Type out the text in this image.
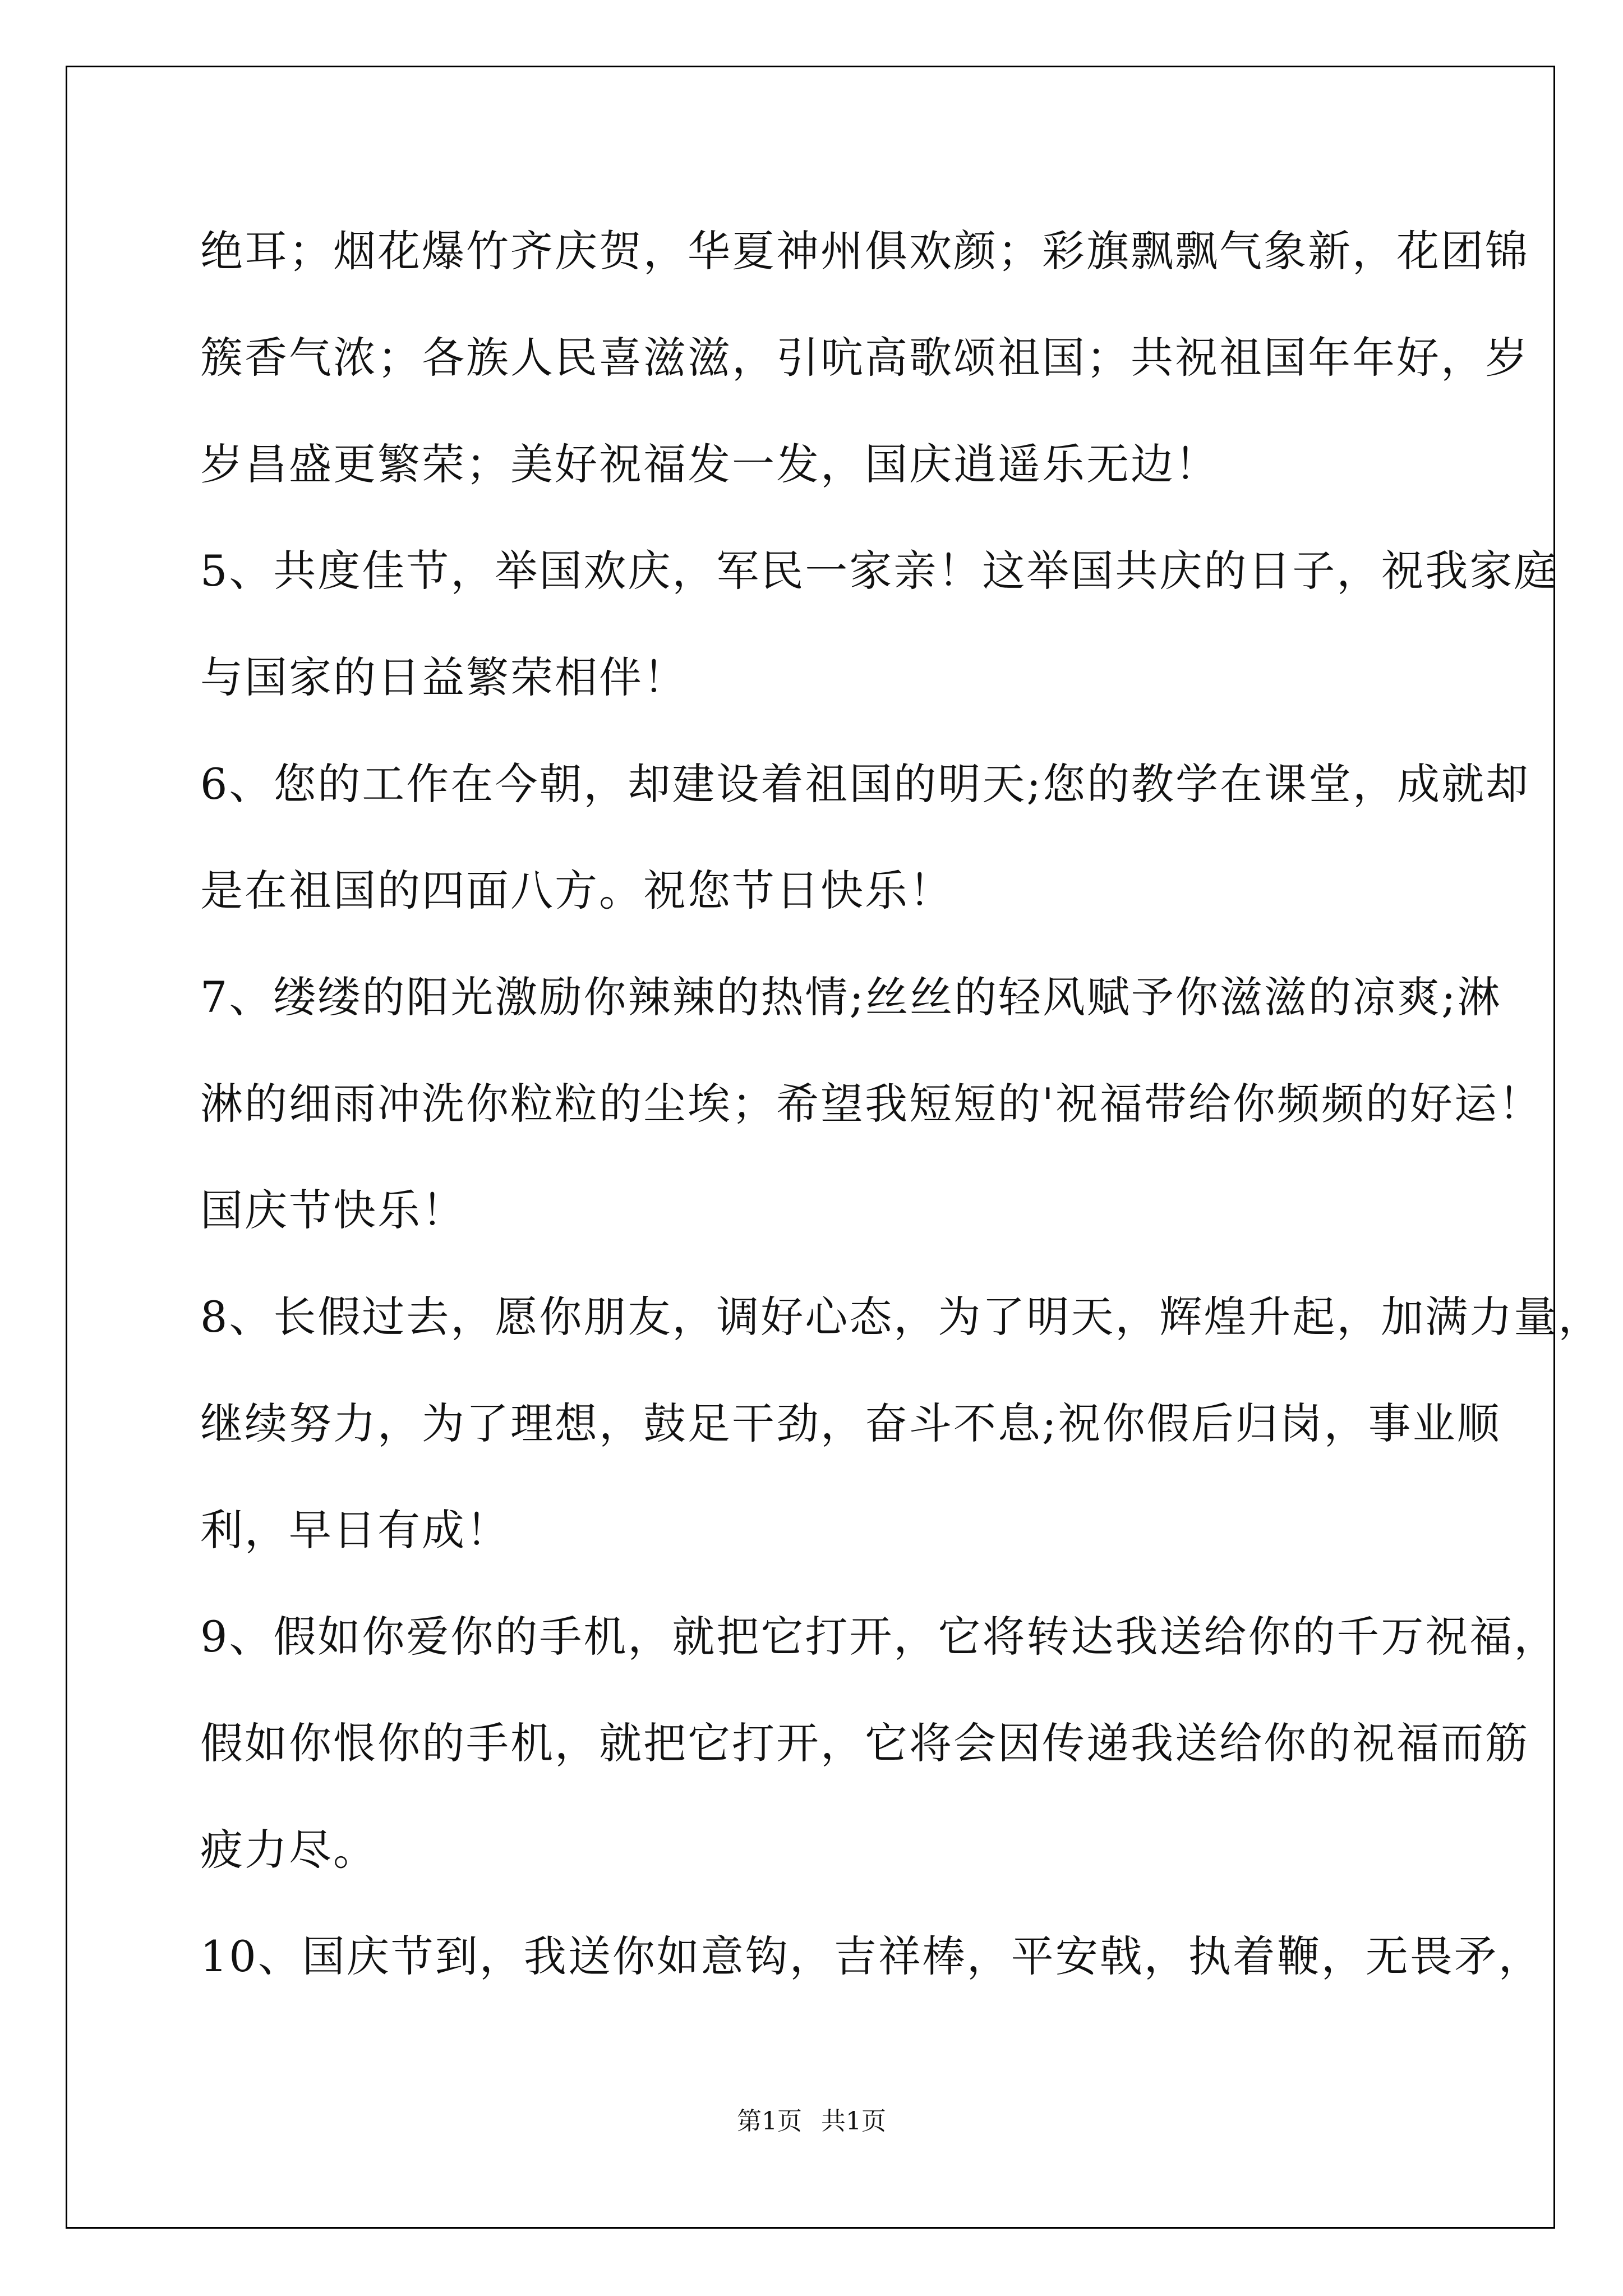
绝耳；烟花爆竹齐庆贺，华夏神州俱欢颜；彩旗飘飘气象新，花团锦
簇香气浓；各族人民喜滋滋，引吭高歌颂祖国；共祝祖国年年好，岁
岁昌盛更繁荣；美好祝福发一发，国庆逍遥乐无边！
5、共度佳节，举国欢庆，军民一家亲！这举国共庆的日子，祝我家庭
与国家的日益繁荣相伴！
6、您的工作在今朝，却建设着祖国的明天;您的教学在课堂，成就却
是在祖国的四面八方。祝您节日快乐！
7、缕缕的阳光激励你辣辣的热情;丝丝的轻风赋予你滋滋的凉爽;淋
淋的细雨冲洗你粒粒的尘埃；希望我短短的'祝福带给你频频的好运！
国庆节快乐！
8、长假过去，愿你朋友，调好心态，为了明天，辉煌升起，加满力量，
继续努力，为了理想，鼓足干劲，奋斗不息;祝你假后归岗，事业顺
利，早日有成！
9、假如你爱你的手机，就把它打开，它将转达我送给你的千万祝福，
假如你恨你的手机，就把它打开，它将会因传递我送给你的祝福而筋
疲力尽。
10、国庆节到，我送你如意钩，吉祥棒，平安戟，执着鞭，无畏矛，
第1页 共1页
